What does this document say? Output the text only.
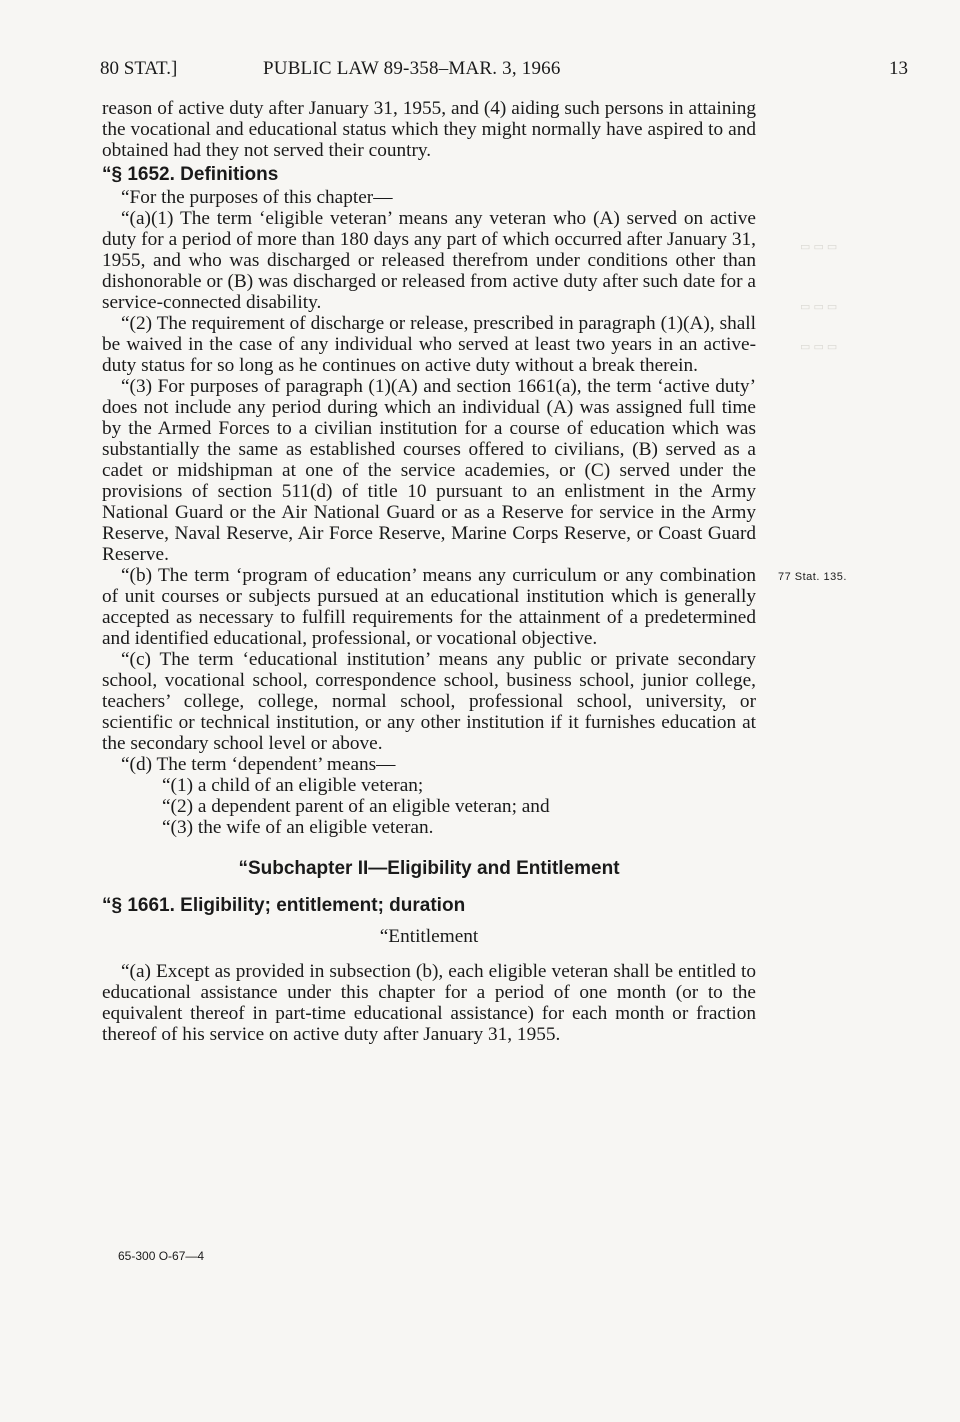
▭ ▭ ▭
▭ ▭ ▭
▭ ▭ ▭
80 STAT.]	PUBLIC LAW 89-358–MAR. 3, 1966	13

reason of active duty after January 31, 1955, and (4) aiding such persons in attaining the vocational and educational status which they might normally have aspired to and obtained had they not served their country.

“§ 1652. Definitions

“For the purposes of this chapter—

“(a)(1) The term ‘eligible veteran’ means any veteran who (A) served on active duty for a period of more than 180 days any part of which occurred after January 31, 1955, and who was discharged or released therefrom under conditions other than dishonorable or (B) was discharged or released from active duty after such date for a service-connected disability.

“(2) The requirement of discharge or release, prescribed in paragraph (1)(A), shall be waived in the case of any individual who served at least two years in an active-duty status for so long as he continues on active duty without a break therein.

“(3) For purposes of paragraph (1)(A) and section 1661(a), the term ‘active duty’ does not include any period during which an individual (A) was assigned full time by the Armed Forces to a civilian institution for a course of education which was substantially the same as established courses offered to civilians, (B) served as a cadet or midshipman at one of the service academies, or (C) served under the provisions of section 511(d) of title 10 pursuant to an enlistment in the Army National Guard or the Air National Guard or as a Reserve for service in the Army Reserve, Naval Reserve, Air Force Reserve, Marine Corps Reserve, or Coast Guard Reserve.

“(b) The term ‘program of education’ means any curriculum or any combination of unit courses or subjects pursued at an educational institution which is generally accepted as necessary to fulfill requirements for the attainment of a predetermined and identified educational, professional, or vocational objective.

“(c) The term ‘educational institution’ means any public or private secondary school, vocational school, correspondence school, business school, junior college, teachers’ college, college, normal school, professional school, university, or scientific or technical institution, or any other institution if it furnishes education at the secondary school level or above.

“(d) The term ‘dependent’ means—

“(1) a child of an eligible veteran;

“(2) a dependent parent of an eligible veteran; and

“(3) the wife of an eligible veteran.

“Subchapter II—Eligibility and Entitlement

“§ 1661. Eligibility; entitlement; duration

“Entitlement

“(a) Except as provided in subsection (b), each eligible veteran shall be entitled to educational assistance under this chapter for a period of one month (or to the equivalent thereof in part-time educational assistance) for each month or fraction thereof of his service on active duty after January 31, 1955.

77 Stat. 135.
65-300 O-67—4
